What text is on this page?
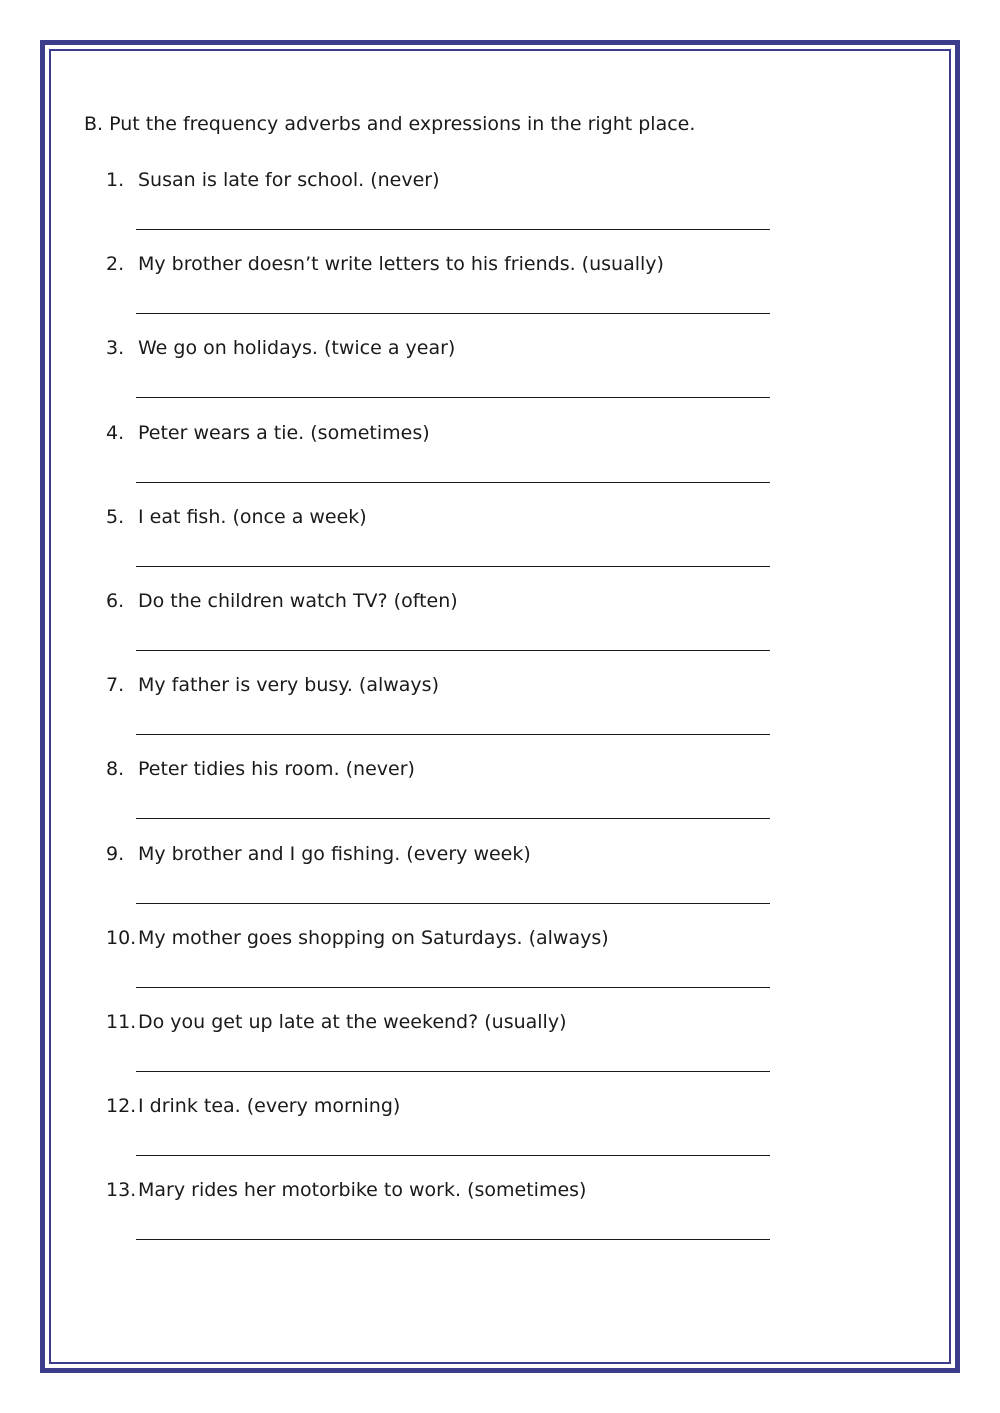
B. Put the frequency adverbs and expressions in the right place.
1. Susan is late for school. (never)
2. My brother doesn’t write letters to his friends. (usually)
3. We go on holidays. (twice a year)
4. Peter wears a tie. (sometimes)
5. I eat fish. (once a week)
6. Do the children watch TV? (often)
7. My father is very busy. (always)
8. Peter tidies his room. (never)
9. My brother and I go fishing. (every week)
10. My mother goes shopping on Saturdays. (always)
11. Do you get up late at the weekend? (usually)
12. I drink tea. (every morning)
13. Mary rides her motorbike to work. (sometimes)
